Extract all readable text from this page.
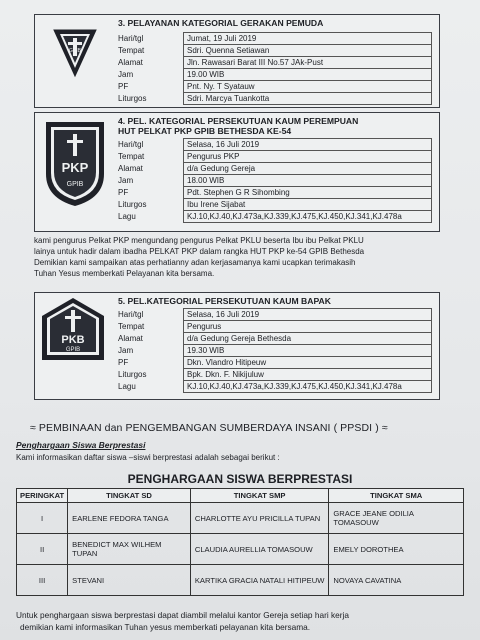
GPIB
3. PELAYANAN KATEGORIAL GERAKAN PEMUDA
Hari/tgl	Jumat, 19 Juli 2019
Tempat	Sdri. Quenna Setiawan
Alamat	Jln. Rawasari Barat III No.57 JAk-Pust
Jam	19.00 WIB
PF	Pnt. Ny. T Syatauw
Liturgos	Sdri. Marcya Tuankotta
PKP
GPIB
4. PEL. KATEGORIAL PERSEKUTUAN KAUM PEREMPUAN
HUT PELKAT PKP GPIB BETHESDA KE-54
Hari/tgl	Selasa, 16 Juli 2019
Tempat	Pengurus PKP
Alamat	d/a Gedung Gereja
Jam	18.00 WIB
PF	Pdt. Stephen G R Sihombing
Liturgos	Ibu Irene Sijabat
Lagu	KJ.10,KJ.40,KJ.473a,KJ.339,KJ.475,KJ.450,KJ.341,KJ.478a
kami pengurus Pelkat PKP mengundang pengurus Pelkat PKLU beserta Ibu ibu Pelkat PKLU
lainya untuk hadir dalam ibadha PELKAT PKP dalam rangka HUT PKP ke-54 GPIB Bethesda
Demikian kami sampaikan atas perhatianny adan kerjasamanya kami ucapkan terimakasih
Tuhan Yesus memberkati Pelayanan kita bersama.
PKB
GPIB
5. PEL.KATEGORIAL PERSEKUTUAN KAUM BAPAK
Hari/tgl	Selasa, 16 Juli 2019
Tempat	Pengurus
Alamat	d/a Gedung Gereja Bethesda
Jam	19.30 WIB
PF	Dkn. Vlandro Hitipeuw
Liturgos	Bpk. Dkn. F. Nikijuluw
Lagu	KJ.10,KJ.40,KJ.473a,KJ.339,KJ.475,KJ.450,KJ.341,KJ.478a
≈ PEMBINAAN dan PENGEMBANGAN SUMBERDAYA INSANI ( PPSDI ) ≈
Penghargaan Siswa Berprestasi
Kami informasikan daftar siswa –siswi berprestasi adalah sebagai berikut :
PENGHARGAAN SISWA BERPRESTASI
PERINGKAT	TINGKAT SD	TINGKAT SMP	TINGKAT SMA
I	EARLENE FEDORA TANGA	CHARLOTTE AYU PRICILLA TUPAN	GRACE JEANE ODILIA TOMASOUW
II	BENEDICT MAX WILHEM TUPAN	CLAUDIA AURELLIA TOMASOUW	EMELY DOROTHEA
III	STEVANI	KARTIKA GRACIA NATALI HITIPEUW	NOVAYA CAVATINA
Untuk penghargaan siswa berprestasi dapat diambil melalui kantor Gereja setiap hari kerja
demikian kami informasikan Tuhan yesus memberkati pelayanan kita bersama.
